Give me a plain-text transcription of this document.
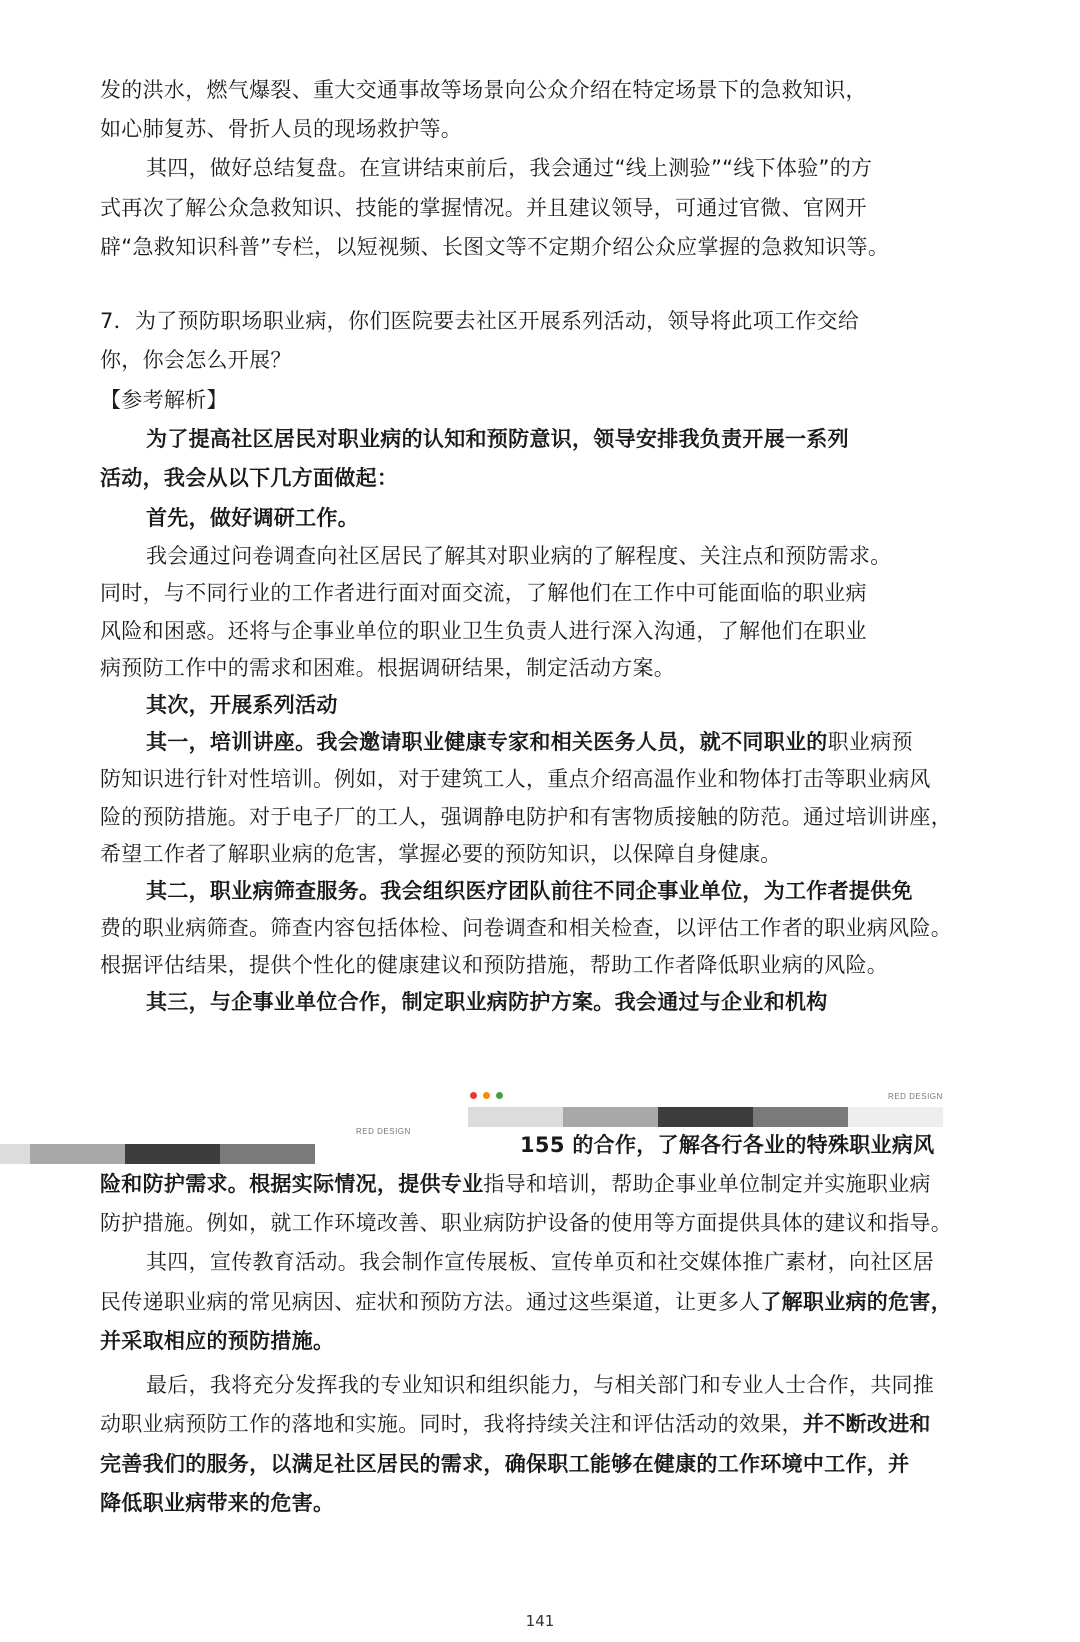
发的洪水，燃气爆裂、重大交通事故等场景向公众介绍在特定场景下的急救知识，
如心肺复苏、骨折人员的现场救护等。
其四，做好总结复盘。在宣讲结束前后，我会通过“线上测验”“线下体验”的方
式再次了解公众急救知识、技能的掌握情况。并且建议领导，可通过官微、官网开
辟“急救知识科普”专栏，以短视频、长图文等不定期介绍公众应掌握的急救知识等。
7．为了预防职场职业病，你们医院要去社区开展系列活动，领导将此项工作交给
你，你会怎么开展？
【参考解析】
为了提高社区居民对职业病的认知和预防意识，领导安排我负责开展一系列
活动，我会从以下几方面做起：
首先，做好调研工作。
我会通过问卷调查向社区居民了解其对职业病的了解程度、关注点和预防需求。
同时，与不同行业的工作者进行面对面交流，了解他们在工作中可能面临的职业病
风险和困惑。还将与企事业单位的职业卫生负责人进行深入沟通，了解他们在职业
病预防工作中的需求和困难。根据调研结果，制定活动方案。
其次，开展系列活动
其一，培训讲座。我会邀请职业健康专家和相关医务人员，就不同职业的职业病预
防知识进行针对性培训。例如，对于建筑工人，重点介绍高温作业和物体打击等职业病风
险的预防措施。对于电子厂的工人，强调静电防护和有害物质接触的防范。通过培训讲座，
希望工作者了解职业病的危害，掌握必要的预防知识，以保障自身健康。
其二，职业病筛查服务。我会组织医疗团队前往不同企事业单位，为工作者提供免
费的职业病筛查。筛查内容包括体检、问卷调查和相关检查，以评估工作者的职业病风险。
根据评估结果，提供个性化的健康建议和预防措施，帮助工作者降低职业病的风险。
其三，与企事业单位合作，制定职业病防护方案。我会通过与企业和机构
RED DESIGN
RED DESIGN
155 的合作，了解各行各业的特殊职业病风
险和防护需求。根据实际情况，提供专业指导和培训，帮助企事业单位制定并实施职业病
防护措施。例如，就工作环境改善、职业病防护设备的使用等方面提供具体的建议和指导。
其四，宣传教育活动。我会制作宣传展板、宣传单页和社交媒体推广素材，向社区居
民传递职业病的常见病因、症状和预防方法。通过这些渠道，让更多人了解职业病的危害，
并采取相应的预防措施。
最后，我将充分发挥我的专业知识和组织能力，与相关部门和专业人士合作，共同推
动职业病预防工作的落地和实施。同时，我将持续关注和评估活动的效果，并不断改进和
完善我们的服务，以满足社区居民的需求，确保职工能够在健康的工作环境中工作，并
降低职业病带来的危害。
141
